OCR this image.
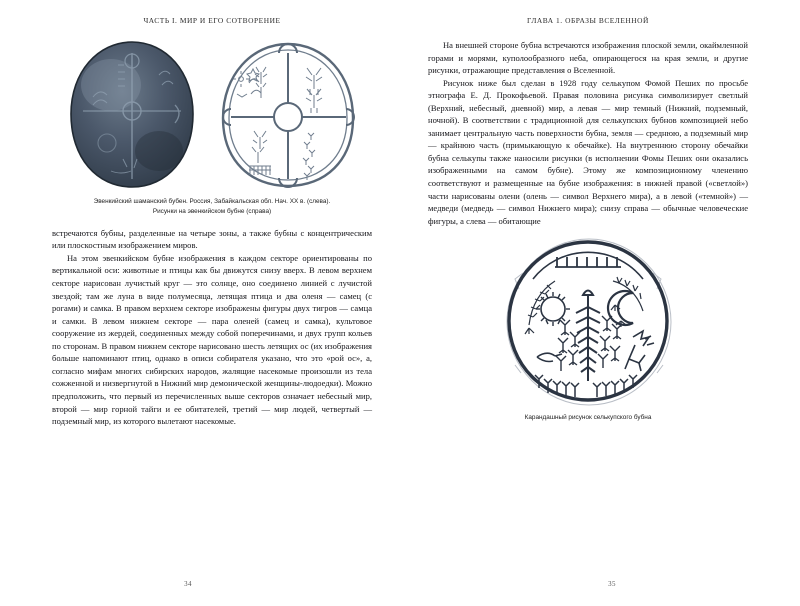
ЧАСТЬ I. МИР И ЕГО СОТВОРЕНИЕ
Эвенкийский шаманский бубен. Россия, Забайкальская обл. Нач. XX в. (слева).
Рисунки на эвенкийском бубне (справа)

встречаются бубны, разделенные на четыре зоны, а также бубны с концентрическим или плоскостным изображением миров.

На этом эвенкийском бубне изображения в каждом секторе ориентированы по вертикальной оси: животные и птицы как бы движутся снизу вверх. В левом верхнем секторе нарисован лучистый круг — это солнце, оно соединено линией с лучистой звездой; там же луна в виде полумесяца, летящая птица и два оленя — самец (с рогами) и самка. В правом верхнем секторе изображены фигуры двух тигров — самца и самки. В левом нижнем секторе — пара оленей (самец и самка), культовое сооружение из жердей, соединенных между собой поперечинами, и двух групп кольев по сторонам. В правом нижнем секторе нарисовано шесть летящих ос (их изображения больше напоминают птиц, однако в описи собирателя указано, что это «рой ос», а, согласно мифам многих сибирских народов, жалящие насекомые произошли из тела сожженной и низвергнутой в Нижний мир демонической женщины-людоедки). Можно предположить, что первый из перечисленных выше секторов означает небесный мир, второй — мир горной тайги и ее обитателей, третий — мир людей, четвертый — подземный мир, из которого вылетают насекомые.

34
ГЛАВА 1. ОБРАЗЫ ВСЕЛЕННОЙ

На внешней стороне бубна встречаются изображения плоской земли, окаймленной горами и морями, куполообразного неба, опирающегося на края земли, и другие рисунки, отражающие представления о Вселенной.

Рисунок ниже был сделан в 1928 году селькупом Фомой Пеших по просьбе этнографа Е. Д. Прокофьевой. Правая половина рисунка символизирует светлый (Верхний, небесный, дневной) мир, а левая — мир темный (Нижний, подземный, ночной). В соответствии с традиционной для селькупских бубнов композицией небо занимает центральную часть поверхности бубна, земля — среднюю, а подземный мир — крайнюю часть (примыкающую к обечайке). На внутреннюю сторону обечайки бубна селькупы также наносили рисунки (в исполнении Фомы Пеших они оказались изображенными на самом бубне). Этому же композиционному членению соответствуют и размещенные на бубне изображения: в нижней правой («светлой») части нарисованы олени (олень — символ Верхнего мира), а в левой («темной») — медведи (медведь — символ Нижнего мира); снизу справа — обычные человеческие фигуры, а слева — обитающие

Карандашный рисунок селькупского бубна
35
